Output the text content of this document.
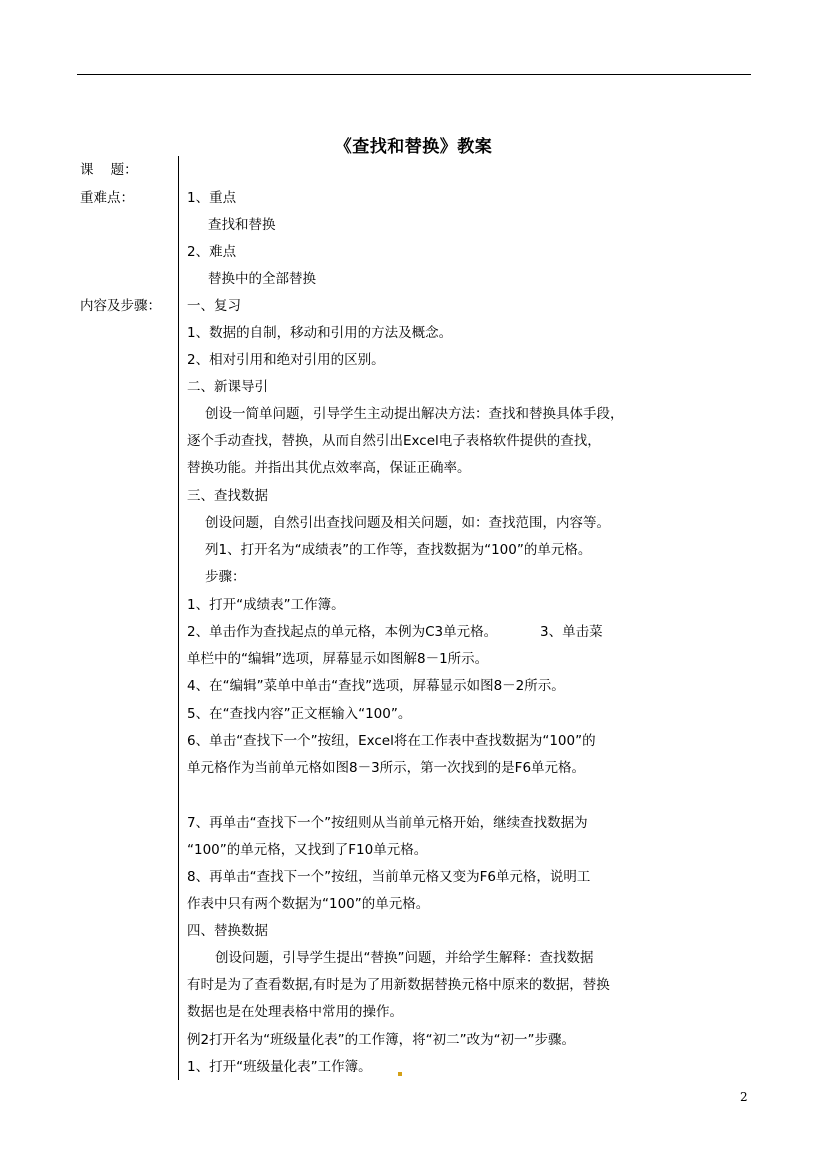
《查找和替换》教案
课    题：
重难点：
内容及步骤：
1、重点
查找和替换
2、难点
替换中的全部替换
一、复习
1、数据的自制，移动和引用的方法及概念。
2、相对引用和绝对引用的区别。
二、新课导引
创设一简单问题，引导学生主动提出解决方法：查找和替换具体手段，
逐个手动查找，替换，从而自然引出Excel电子表格软件提供的查找，
替换功能。并指出其优点效率高，保证正确率。
三、查找数据
创设问题，自然引出查找问题及相关问题，如：查找范围，内容等。
列1、打开名为“成绩表”的工作等，查找数据为“100”的单元格。
步骤：
1、打开“成绩表”工作簿。
2、单击作为查找起点的单元格，本例为C3单元格。          3、单击菜
单栏中的“编辑”选项，屏幕显示如图解8－1所示。
4、在“编辑”菜单中单击“查找”选项，屏幕显示如图8－2所示。
5、在“查找内容”正文框输入“100”。
6、单击“查找下一个”按纽，Excel将在工作表中查找数据为“100”的
单元格作为当前单元格如图8－3所示，第一次找到的是F6单元格。
7、再单击“查找下一个”按纽则从当前单元格开始，继续查找数据为
“100”的单元格，又找到了F10单元格。
8、再单击“查找下一个”按纽，当前单元格又变为F6单元格，说明工
作表中只有两个数据为“100”的单元格。
四、替换数据
创设问题，引导学生提出“替换”问题，并给学生解释：查找数据
有时是为了查看数据,有时是为了用新数据替换元格中原来的数据，替换
数据也是在处理表格中常用的操作。
例2打开名为“班级量化表”的工作簿，将“初二”改为“初一”步骤。
1、打开“班级量化表”工作簿。
2
